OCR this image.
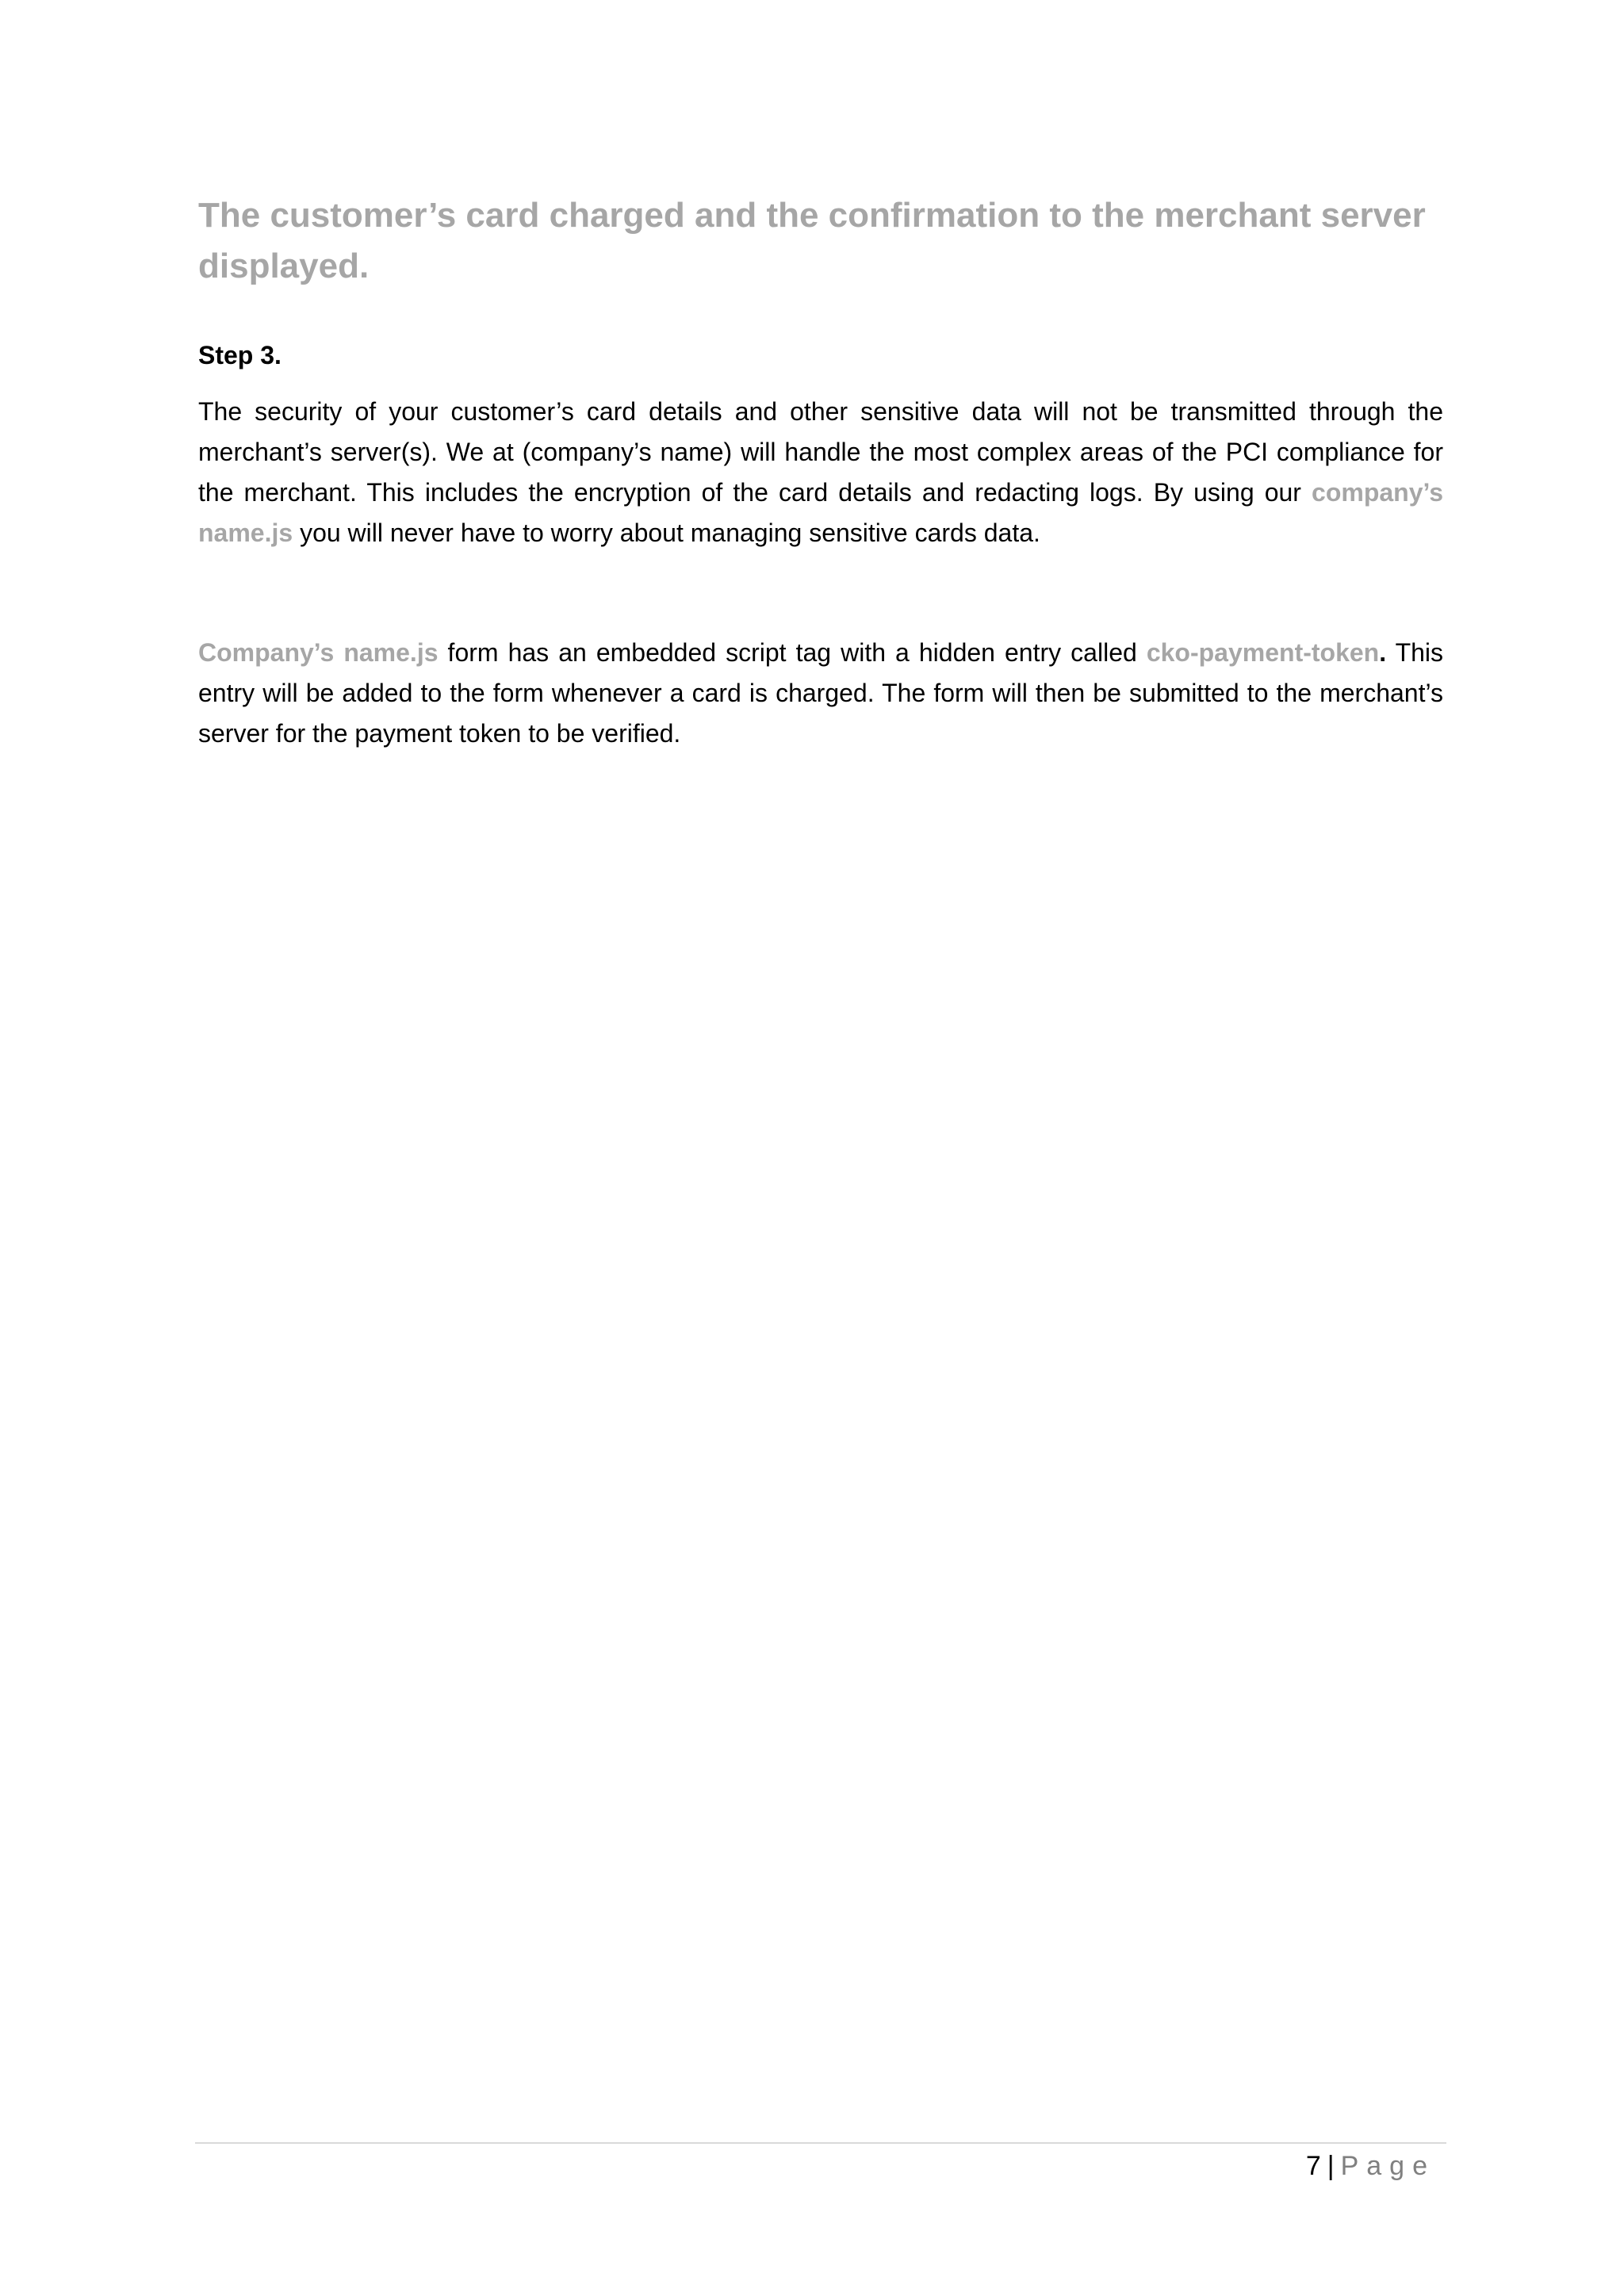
The customer’s card charged and the confirmation to the merchant server displayed.

Step 3.

The security of your customer’s card details and other sensitive data will not be transmitted through the merchant’s server(s). We at (company’s name) will handle the most complex areas of the PCI compliance for the merchant. This includes the encryption of the card details and redacting logs. By using our company’s name.js you will never have to worry about managing sensitive cards data.

Company’s name.js form has an embedded script tag with a hidden entry called cko-payment-token. This entry will be added to the form whenever a card is charged. The form will then be submitted to the merchant’s server for the payment token to be verified.

7 | Page
